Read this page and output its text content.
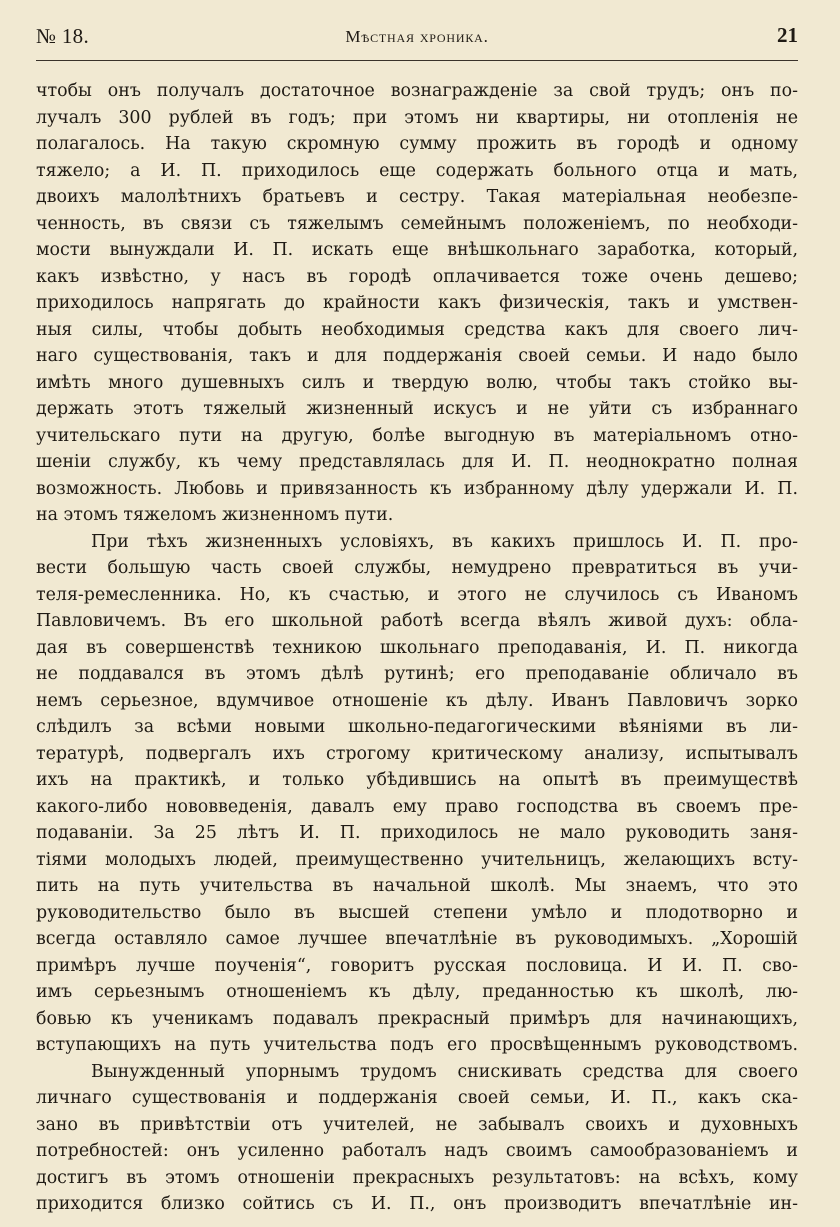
№ 18.	Мѣстная хроника.	21
чтобы онъ получалъ достаточное вознагражденіе за свой трудъ; онъ по-
лучалъ 300 рублей въ годъ; при этомъ ни квартиры, ни отопленія не
полагалось. На такую скромную сумму прожить въ городѣ и одному
тяжело; а И. П. приходилось еще содержать больного отца и мать,
двоихъ малолѣтнихъ братьевъ и сестру. Такая матеріальная необезпе-
ченность, въ связи съ тяжелымъ семейнымъ положеніемъ, по необходи-
мости вынуждали И. П. искать еще внѣшкольнаго заработка, который,
какъ извѣстно, у насъ въ городѣ оплачивается тоже очень дешево;
приходилось напрягать до крайности какъ физическія, такъ и умствен-
ныя силы, чтобы добыть необходимыя средства какъ для своего лич-
наго существованія, такъ и для поддержанія своей семьи. И надо было
имѣть много душевныхъ силъ и твердую волю, чтобы такъ стойко вы-
держать этотъ тяжелый жизненный искусъ и не уйти съ избраннаго
учительскаго пути на другую, болѣе выгодную въ матеріальномъ отно-
шеніи службу, къ чему представлялась для И. П. неоднократно полная
возможность. Любовь и привязанность къ избранному дѣлу удержали И. П.
на этомъ тяжеломъ жизненномъ пути.
При тѣхъ жизненныхъ условіяхъ, въ какихъ пришлось И. П. про-
вести большую часть своей службы, немудрено превратиться въ учи-
теля-ремесленника. Но, къ счастью, и этого не случилось съ Иваномъ
Павловичемъ. Въ его школьной работѣ всегда вѣялъ живой духъ: обла-
дая въ совершенствѣ техникою школьнаго преподаванія, И. П. никогда
не поддавался въ этомъ дѣлѣ рутинѣ; его преподаваніе обличало въ
немъ серьезное, вдумчивое отношеніе къ дѣлу. Иванъ Павловичъ зорко
слѣдилъ за всѣми новыми школьно-педагогическими вѣяніями въ ли-
тературѣ, подвергалъ ихъ строгому критическому анализу, испытывалъ
ихъ на практикѣ, и только убѣдившись на опытѣ въ преимуществѣ
какого-либо нововведенія, давалъ ему право господства въ своемъ пре-
подаваніи. За 25 лѣтъ И. П. приходилось не мало руководить заня-
тіями молодыхъ людей, преимущественно учительницъ, желающихъ всту-
пить на путь учительства въ начальной школѣ. Мы знаемъ, что это
руководительство было въ высшей степени умѣло и плодотворно и
всегда оставляло самое лучшее впечатлѣніе въ руководимыхъ. „Хорошій
примѣръ лучше поученія“, говоритъ русская пословица. И И. П. сво-
имъ серьезнымъ отношеніемъ къ дѣлу, преданностью къ школѣ, лю-
бовью къ ученикамъ подавалъ прекрасный примѣръ для начинающихъ,
вступающихъ на путь учительства подъ его просвѣщеннымъ руководствомъ.
Вынужденный упорнымъ трудомъ снискивать средства для своего
личнаго существованія и поддержанія своей семьи, И. П., какъ ска-
зано въ привѣтствіи отъ учителей, не забывалъ своихъ и духовныхъ
потребностей: онъ усиленно работалъ надъ своимъ самообразованіемъ и
достигъ въ этомъ отношеніи прекрасныхъ результатовъ: на всѣхъ, кому
приходится близко сойтись съ И. П., онъ производитъ впечатлѣніе ин-
